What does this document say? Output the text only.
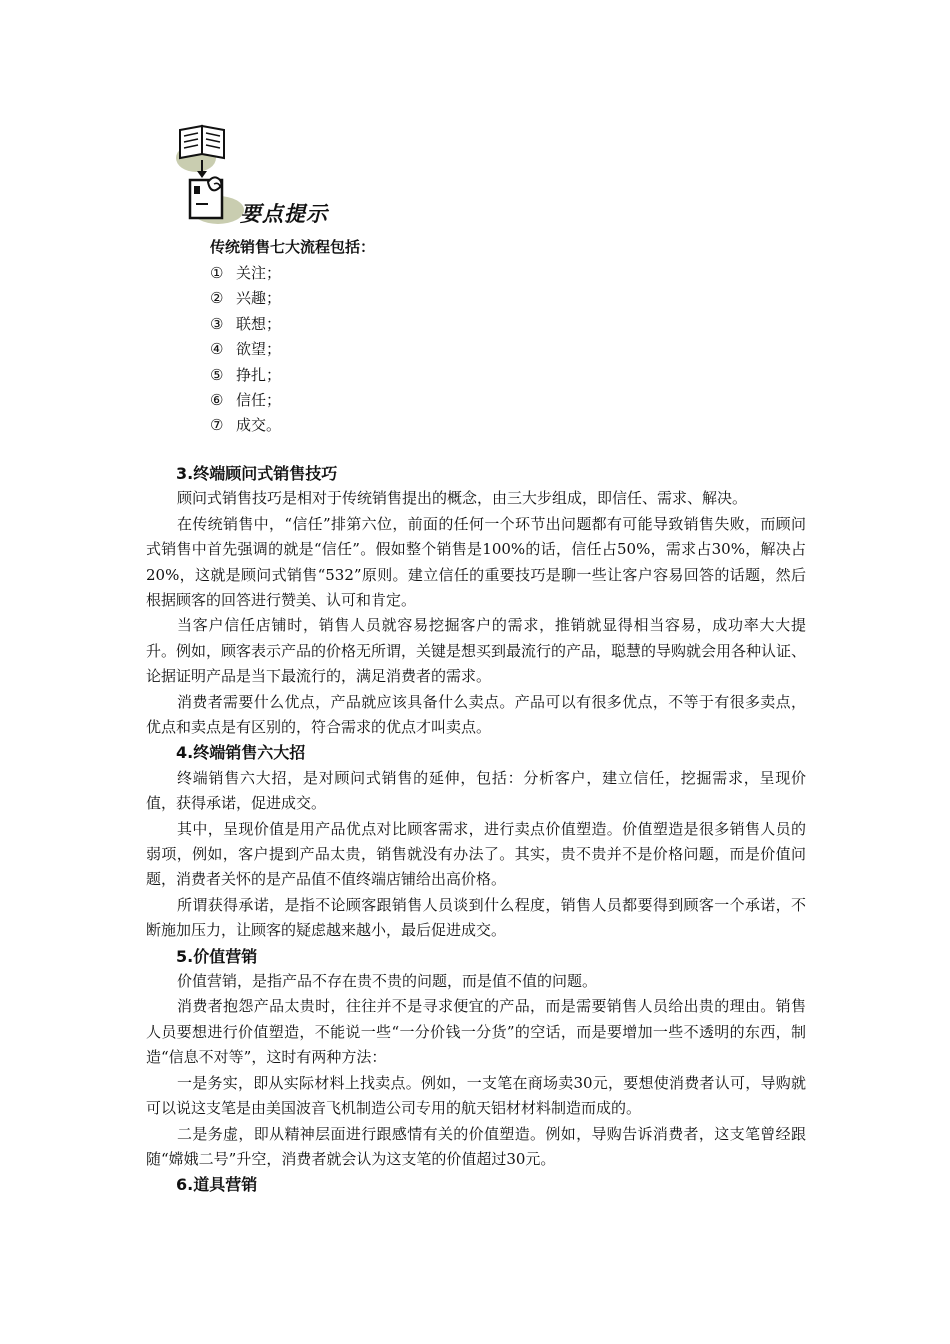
要点提示
传统销售七大流程包括：
① 关注；
② 兴趣；
③ 联想；
④ 欲望；
⑤ 挣扎；
⑥ 信任；
⑦ 成交。
3.终端顾问式销售技巧

顾问式销售技巧是相对于传统销售提出的概念，由三大步组成，即信任、需求、解决。

在传统销售中，“信任”排第六位，前面的任何一个环节出问题都有可能导致销售失败，而顾问式销售中首先强调的就是“信任”。假如整个销售是100%的话，信任占50%，需求占30%，解决占20%，这就是顾问式销售“532”原则。建立信任的重要技巧是聊一些让客户容易回答的话题，然后根据顾客的回答进行赞美、认可和肯定。

当客户信任店铺时，销售人员就容易挖掘客户的需求，推销就显得相当容易，成功率大大提升。例如，顾客表示产品的价格无所谓，关键是想买到最流行的产品，聪慧的导购就会用各种认证、论据证明产品是当下最流行的，满足消费者的需求。

消费者需要什么优点，产品就应该具备什么卖点。产品可以有很多优点，不等于有很多卖点，优点和卖点是有区别的，符合需求的优点才叫卖点。

4.终端销售六大招

终端销售六大招，是对顾问式销售的延伸，包括：分析客户，建立信任，挖掘需求，呈现价值，获得承诺，促进成交。

其中，呈现价值是用产品优点对比顾客需求，进行卖点价值塑造。价值塑造是很多销售人员的弱项，例如，客户提到产品太贵，销售就没有办法了。其实，贵不贵并不是价格问题，而是价值问题，消费者关怀的是产品值不值终端店铺给出高价格。

所谓获得承诺，是指不论顾客跟销售人员谈到什么程度，销售人员都要得到顾客一个承诺，不断施加压力，让顾客的疑虑越来越小，最后促进成交。

5.价值营销

价值营销，是指产品不存在贵不贵的问题，而是值不值的问题。

消费者抱怨产品太贵时，往往并不是寻求便宜的产品，而是需要销售人员给出贵的理由。销售人员要想进行价值塑造，不能说一些“一分价钱一分货”的空话，而是要增加一些不透明的东西，制造“信息不对等”，这时有两种方法：

一是务实，即从实际材料上找卖点。例如，一支笔在商场卖30元，要想使消费者认可，导购就可以说这支笔是由美国波音飞机制造公司专用的航天铝材材料制造而成的。

二是务虚，即从精神层面进行跟感情有关的价值塑造。例如，导购告诉消费者，这支笔曾经跟随“嫦娥二号”升空，消费者就会认为这支笔的价值超过30元。

6.道具营销
